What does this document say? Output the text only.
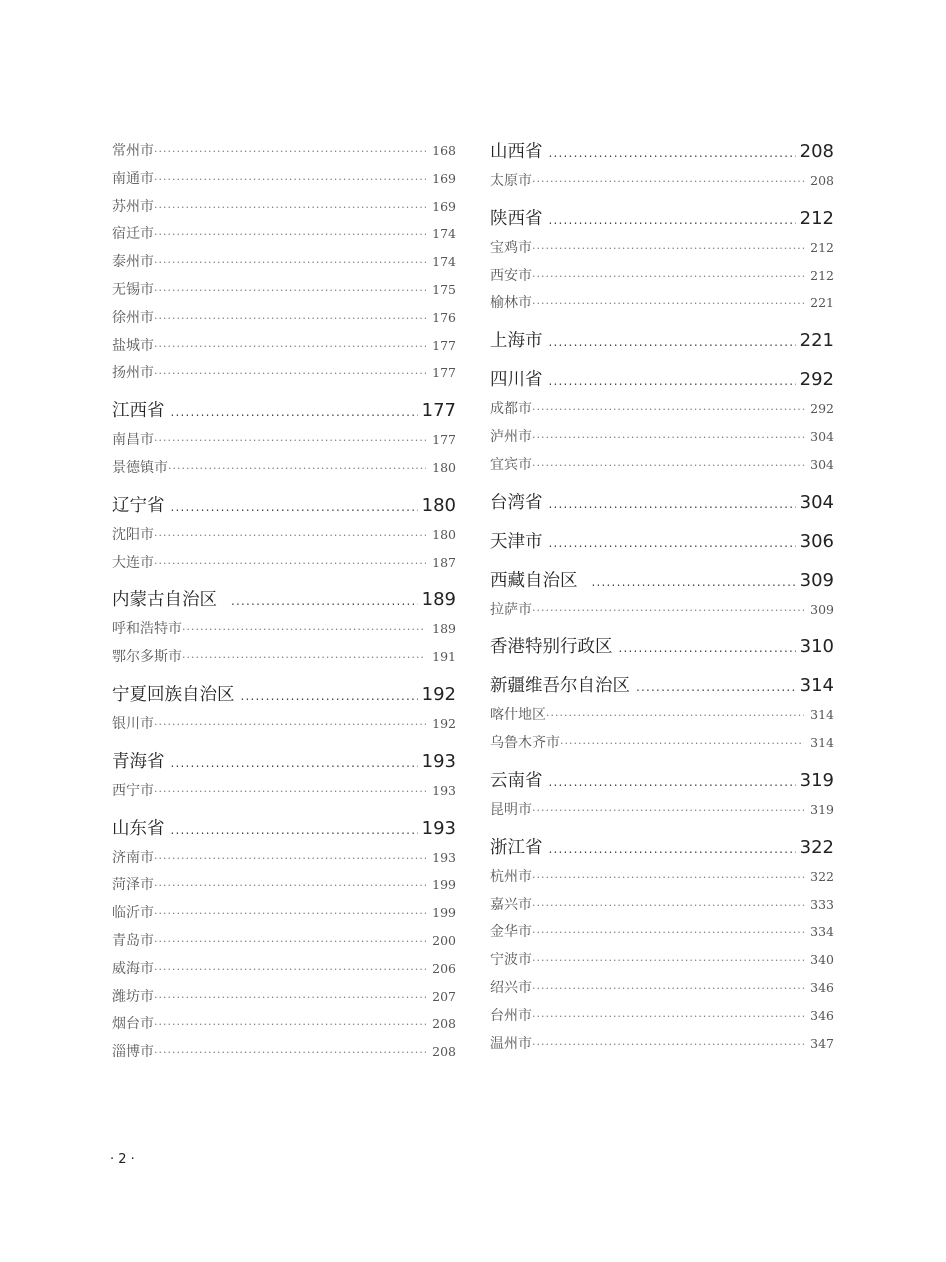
常州市 ·····	168
南通市 ·····	169
苏州市 ·····	169
宿迁市 ·····	174
泰州市 ·····	174
无锡市 ·····	175
徐州市 ·····	176
盐城市 ·····	177
扬州市 ·····	177
江西省 .....	177
南昌市 ·····	177
景德镇市 ·····	180
辽宁省 .....	180
沈阳市 ·····	180
大连市 ·····	187
内蒙古自治区 .....	189
呼和浩特市 ·····	189
鄂尔多斯市 ·····	191
宁夏回族自治区 .....	192
银川市 ·····	192
青海省 .....	193
西宁市 ·····	193
山东省 .....	193
济南市 ·····	193
菏泽市 ·····	199
临沂市 ·····	199
青岛市 ·····	200
威海市 ·····	206
潍坊市 ·····	207
烟台市 ·····	208
淄博市 ·····	208
山西省 .....	208
太原市 ·····	208
陕西省 .....	212
宝鸡市 ·····	212
西安市 ·····	212
榆林市 ·····	221
上海市 .....	221
四川省 .....	292
成都市 ·····	292
泸州市 ·····	304
宜宾市 ·····	304
台湾省 .....	304
天津市 .....	306
西藏自治区 .....	309
拉萨市 ·····	309
香港特别行政区 .....	310
新疆维吾尔自治区 .....	314
喀什地区 ·····	314
乌鲁木齐市 ·····	314
云南省 .....	319
昆明市 ·····	319
浙江省 .....	322
杭州市 ·····	322
嘉兴市 ·····	333
金华市 ·····	334
宁波市 ·····	340
绍兴市 ·····	346
台州市 ·····	346
温州市 ·····	347
· 2 ·
